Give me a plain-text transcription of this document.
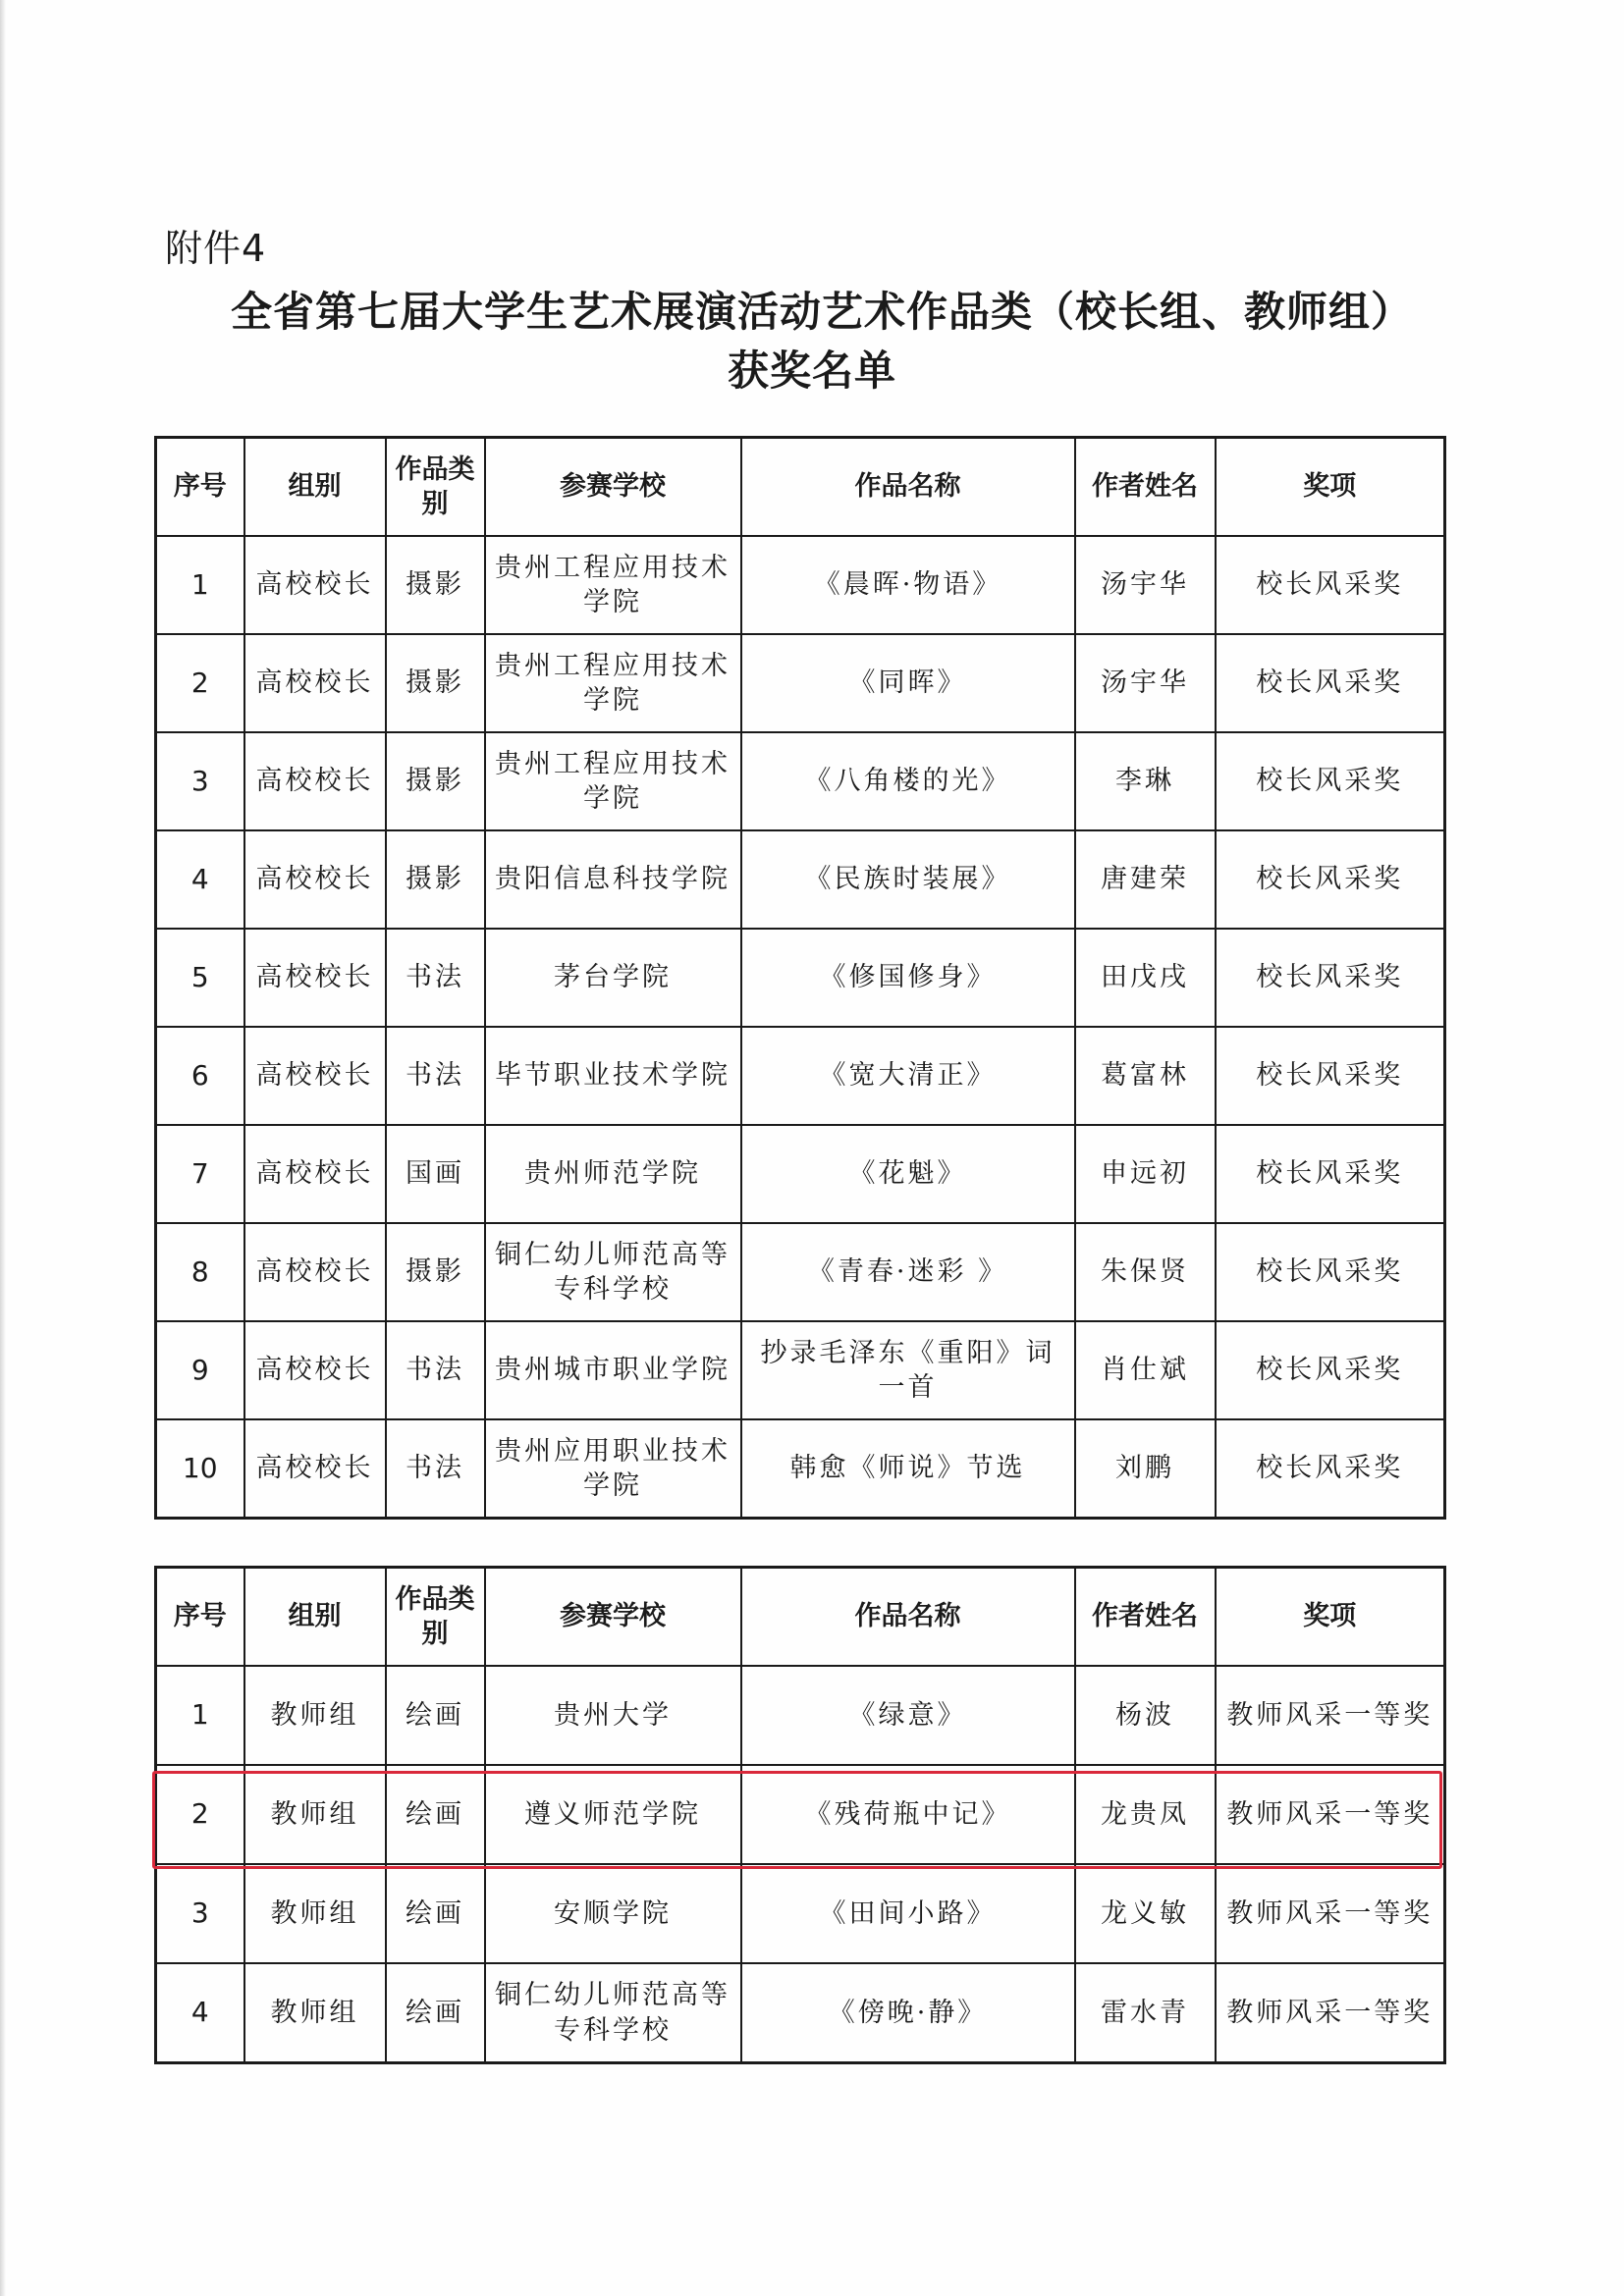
附件4
全省第七届大学生艺术展演活动艺术作品类（校长组、教师组）
获奖名单
序号	组别	作品类别	参赛学校	作品名称	作者姓名	奖项
1	高校校长	摄影	贵州工程应用技术学院	《晨晖·物语》	汤宇华	校长风采奖
2	高校校长	摄影	贵州工程应用技术学院	《同晖》	汤宇华	校长风采奖
3	高校校长	摄影	贵州工程应用技术学院	《八角楼的光》	李琳	校长风采奖
4	高校校长	摄影	贵阳信息科技学院	《民族时装展》	唐建荣	校长风采奖
5	高校校长	书法	茅台学院	《修国修身》	田戊戌	校长风采奖
6	高校校长	书法	毕节职业技术学院	《宽大清正》	葛富林	校长风采奖
7	高校校长	国画	贵州师范学院	《花魁》	申远初	校长风采奖
8	高校校长	摄影	铜仁幼儿师范高等专科学校	《青春·迷彩 》	朱保贤	校长风采奖
9	高校校长	书法	贵州城市职业学院	抄录毛泽东《重阳》词一首	肖仕斌	校长风采奖
10	高校校长	书法	贵州应用职业技术学院	韩愈《师说》节选	刘鹏	校长风采奖
序号	组别	作品类别	参赛学校	作品名称	作者姓名	奖项
1	教师组	绘画	贵州大学	《绿意》	杨波	教师风采一等奖
2	教师组	绘画	遵义师范学院	《残荷瓶中记》	龙贵凤	教师风采一等奖
3	教师组	绘画	安顺学院	《田间小路》	龙义敏	教师风采一等奖
4	教师组	绘画	铜仁幼儿师范高等专科学校	《傍晚·静》	雷水青	教师风采一等奖
